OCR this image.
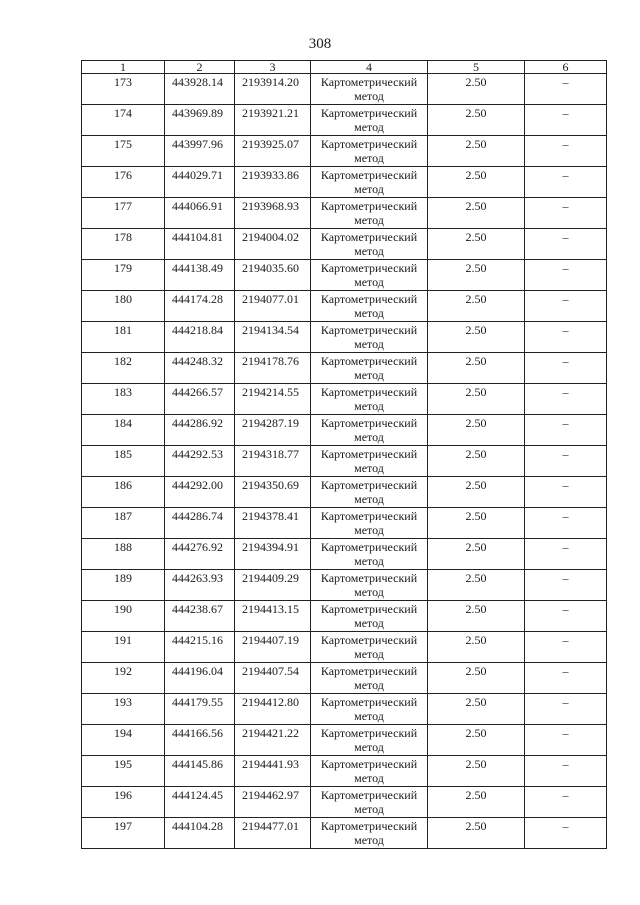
308
1	2	3	4	5	6
173	443928.14	2193914.20	Картометрический метод	2.50	–
174	443969.89	2193921.21	Картометрический метод	2.50	–
175	443997.96	2193925.07	Картометрический метод	2.50	–
176	444029.71	2193933.86	Картометрический метод	2.50	–
177	444066.91	2193968.93	Картометрический метод	2.50	–
178	444104.81	2194004.02	Картометрический метод	2.50	–
179	444138.49	2194035.60	Картометрический метод	2.50	–
180	444174.28	2194077.01	Картометрический метод	2.50	–
181	444218.84	2194134.54	Картометрический метод	2.50	–
182	444248.32	2194178.76	Картометрический метод	2.50	–
183	444266.57	2194214.55	Картометрический метод	2.50	–
184	444286.92	2194287.19	Картометрический метод	2.50	–
185	444292.53	2194318.77	Картометрический метод	2.50	–
186	444292.00	2194350.69	Картометрический метод	2.50	–
187	444286.74	2194378.41	Картометрический метод	2.50	–
188	444276.92	2194394.91	Картометрический метод	2.50	–
189	444263.93	2194409.29	Картометрический метод	2.50	–
190	444238.67	2194413.15	Картометрический метод	2.50	–
191	444215.16	2194407.19	Картометрический метод	2.50	–
192	444196.04	2194407.54	Картометрический метод	2.50	–
193	444179.55	2194412.80	Картометрический метод	2.50	–
194	444166.56	2194421.22	Картометрический метод	2.50	–
195	444145.86	2194441.93	Картометрический метод	2.50	–
196	444124.45	2194462.97	Картометрический метод	2.50	–
197	444104.28	2194477.01	Картометрический метод	2.50	–
